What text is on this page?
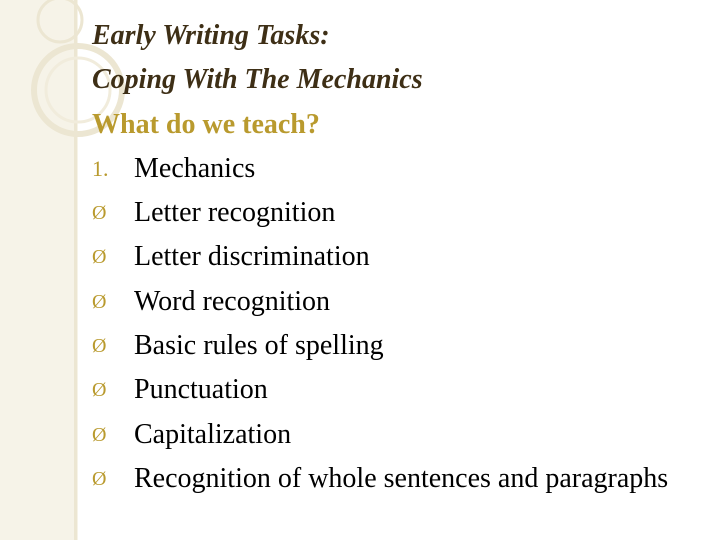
Early Writing Tasks:
Coping With The Mechanics
What do we teach?
1. Mechanics
Ø Letter recognition
Ø Letter discrimination
Ø Word recognition
Ø Basic rules of spelling
Ø Punctuation
Ø Capitalization
Ø Recognition of whole sentences and paragraphs
